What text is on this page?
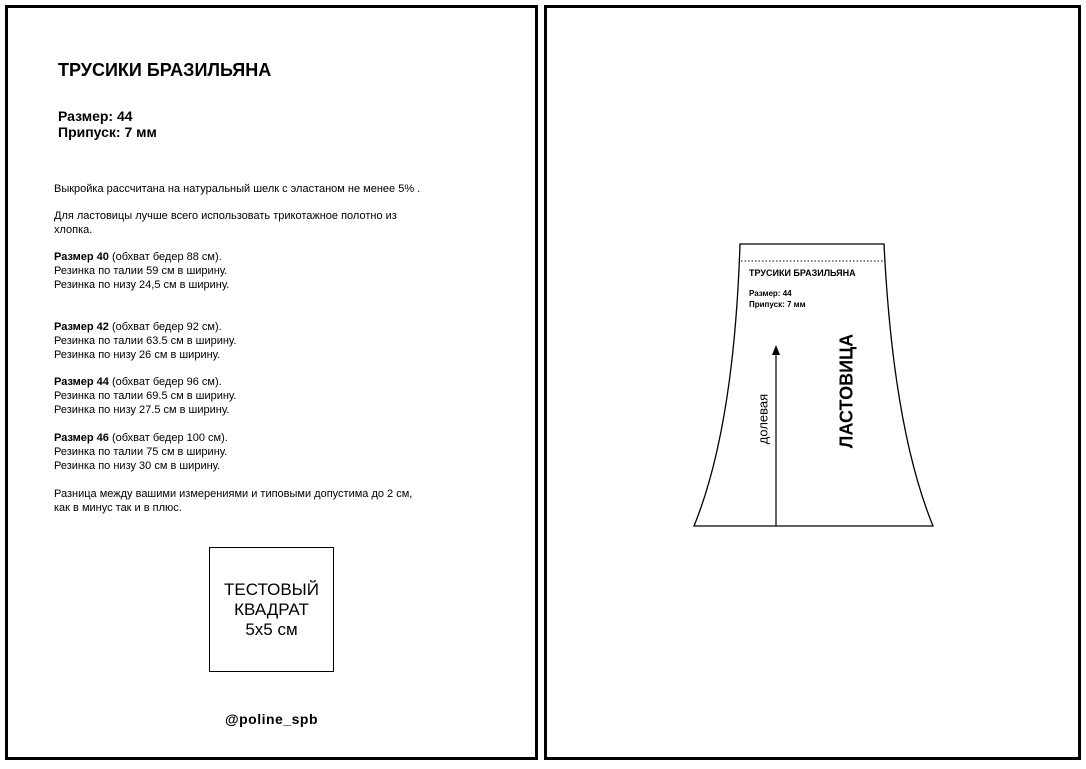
ТРУСИКИ БРАЗИЛЬЯНА
Размер: 44
Припуск: 7 мм
Выкройка рассчитана на натуральный шелк с эластаном не менее 5% .
Для ластовицы лучше всего использовать трикотажное полотно из
хлопка.
Размер 40 (обхват бедер 88 см).
Резинка по талии 59 см в ширину.
Резинка по низу 24,5 см в ширину.
Размер 42 (обхват бедер 92 см).
Резинка по талии 63.5 см в ширину.
Резинка по низу 26 см в ширину.
Размер 44 (обхват бедер 96 см).
Резинка по талии 69.5 см в ширину.
Резинка по низу 27.5 см в ширину.
Размер 46 (обхват бедер 100 см).
Резинка по талии 75 см в ширину.
Резинка по низу 30 см в ширину.
Разница между вашими измерениями и типовыми допустима до 2 см,
как в минус так и в плюс.
ТЕСТОВЫЙ
КВАДРАТ
5x5 см
@poline_spb
ТРУСИКИ БРАЗИЛЬЯНА
Размер: 44
Припуск: 7 мм
долевая	ЛАСТОВИЦА
